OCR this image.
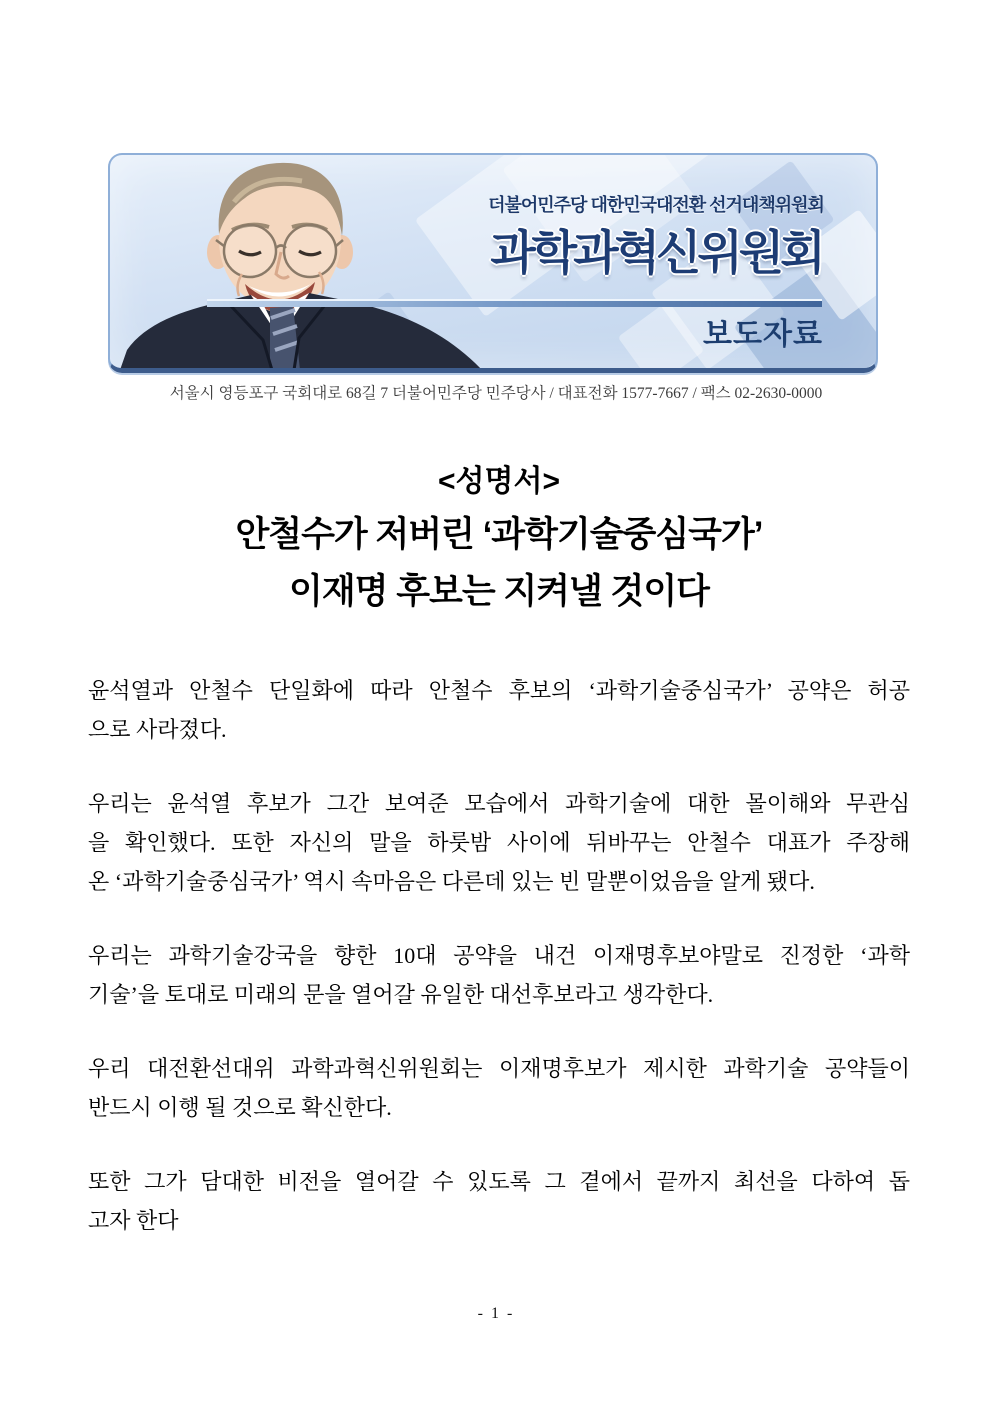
더불어민주당 대한민국대전환 선거대책위원회
과학과혁신위원회
보도자료
서울시 영등포구 국회대로 68길 7 더불어민주당 민주당사 / 대표전화 1577-7667 / 팩스 02-2630-0000
<성명서>
안철수가 저버린 ‘과학기술중심국가’
이재명 후보는 지켜낼 것이다
윤석열과 안철수 단일화에 따라 안철수 후보의 ‘과학기술중심국가’ 공약은 허공
으로 사라졌다.
우리는 윤석열 후보가 그간 보여준 모습에서 과학기술에 대한 몰이해와 무관심
을 확인했다. 또한 자신의 말을 하룻밤 사이에 뒤바꾸는 안철수 대표가 주장해
온 ‘과학기술중심국가’ 역시 속마음은 다른데 있는 빈 말뿐이었음을 알게 됐다.
우리는 과학기술강국을 향한 10대 공약을 내건 이재명후보야말로 진정한 ‘과학
기술’을 토대로 미래의 문을 열어갈 유일한 대선후보라고 생각한다.
우리 대전환선대위 과학과혁신위원회는 이재명후보가 제시한 과학기술 공약들이
반드시 이행 될 것으로 확신한다.
또한 그가 담대한 비전을 열어갈 수 있도록 그 곁에서 끝까지 최선을 다하여 돕
고자 한다
- 1 -
